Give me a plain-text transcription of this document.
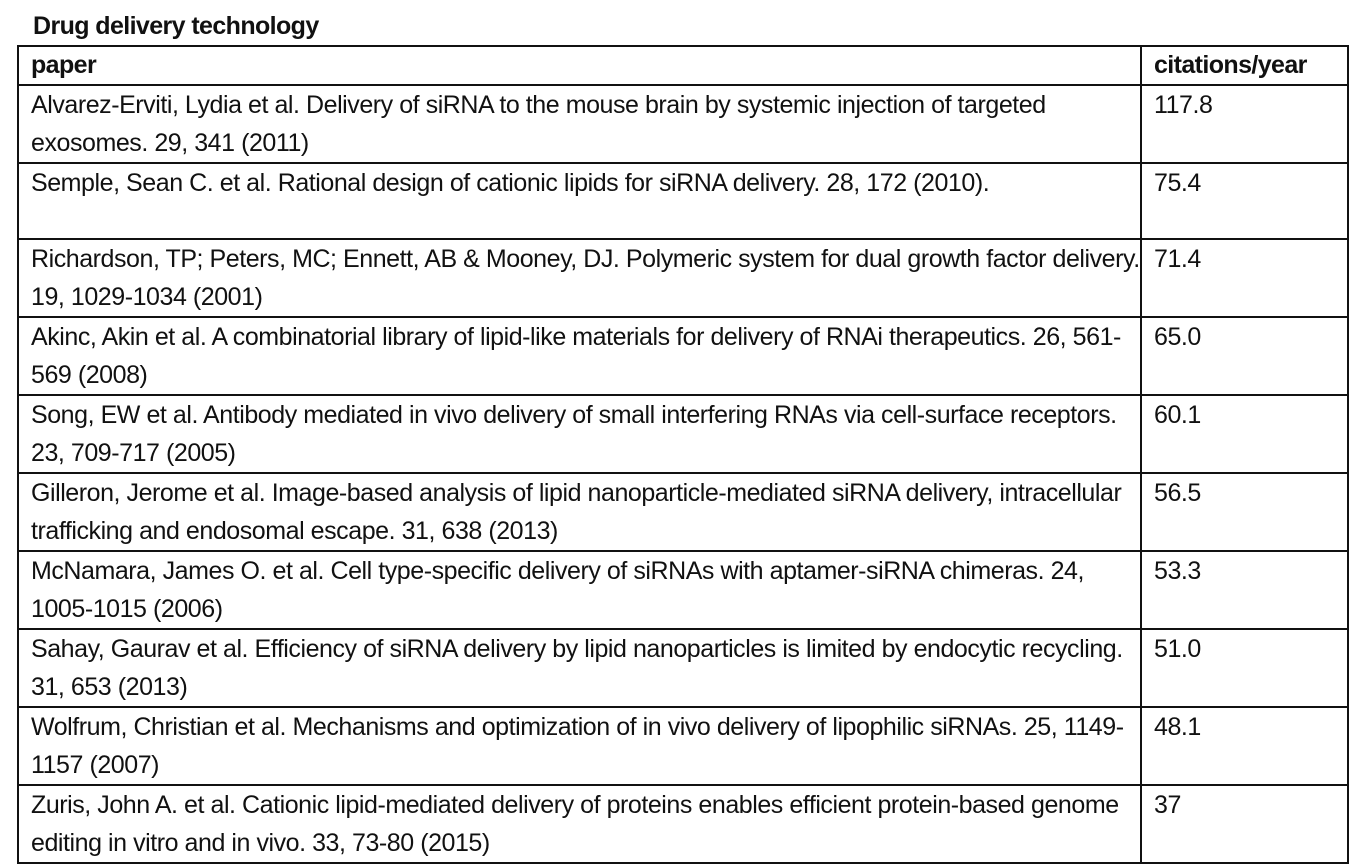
Drug delivery technology
paper	citations/year
Alvarez-Erviti, Lydia et al. Delivery of siRNA to the mouse brain by systemic injection of targeted exosomes. 29, 341 (2011)	117.8
Semple, Sean C. et al. Rational design of cationic lipids for siRNA delivery. 28, 172 (2010).	75.4
Richardson, TP; Peters, MC; Ennett, AB & Mooney, DJ. Polymeric system for dual growth factor delivery. 19, 1029-1034 (2001)	71.4
Akinc, Akin et al. A combinatorial library of lipid-like materials for delivery of RNAi therapeutics. 26, 561-569 (2008)	65.0
Song, EW et al. Antibody mediated in vivo delivery of small interfering RNAs via cell-surface receptors. 23, 709-717 (2005)	60.1
Gilleron, Jerome et al. Image-based analysis of lipid nanoparticle-mediated siRNA delivery, intracellular trafficking and endosomal escape. 31, 638 (2013)	56.5
McNamara, James O. et al. Cell type-specific delivery of siRNAs with aptamer-siRNA chimeras. 24, 1005-1015 (2006)	53.3
Sahay, Gaurav et al. Efficiency of siRNA delivery by lipid nanoparticles is limited by endocytic recycling. 31, 653 (2013)	51.0
Wolfrum, Christian et al. Mechanisms and optimization of in vivo delivery of lipophilic siRNAs. 25, 1149-1157 (2007)	48.1
Zuris, John A. et al. Cationic lipid-mediated delivery of proteins enables efficient protein-based genome editing in vitro and in vivo. 33, 73-80 (2015)	37
